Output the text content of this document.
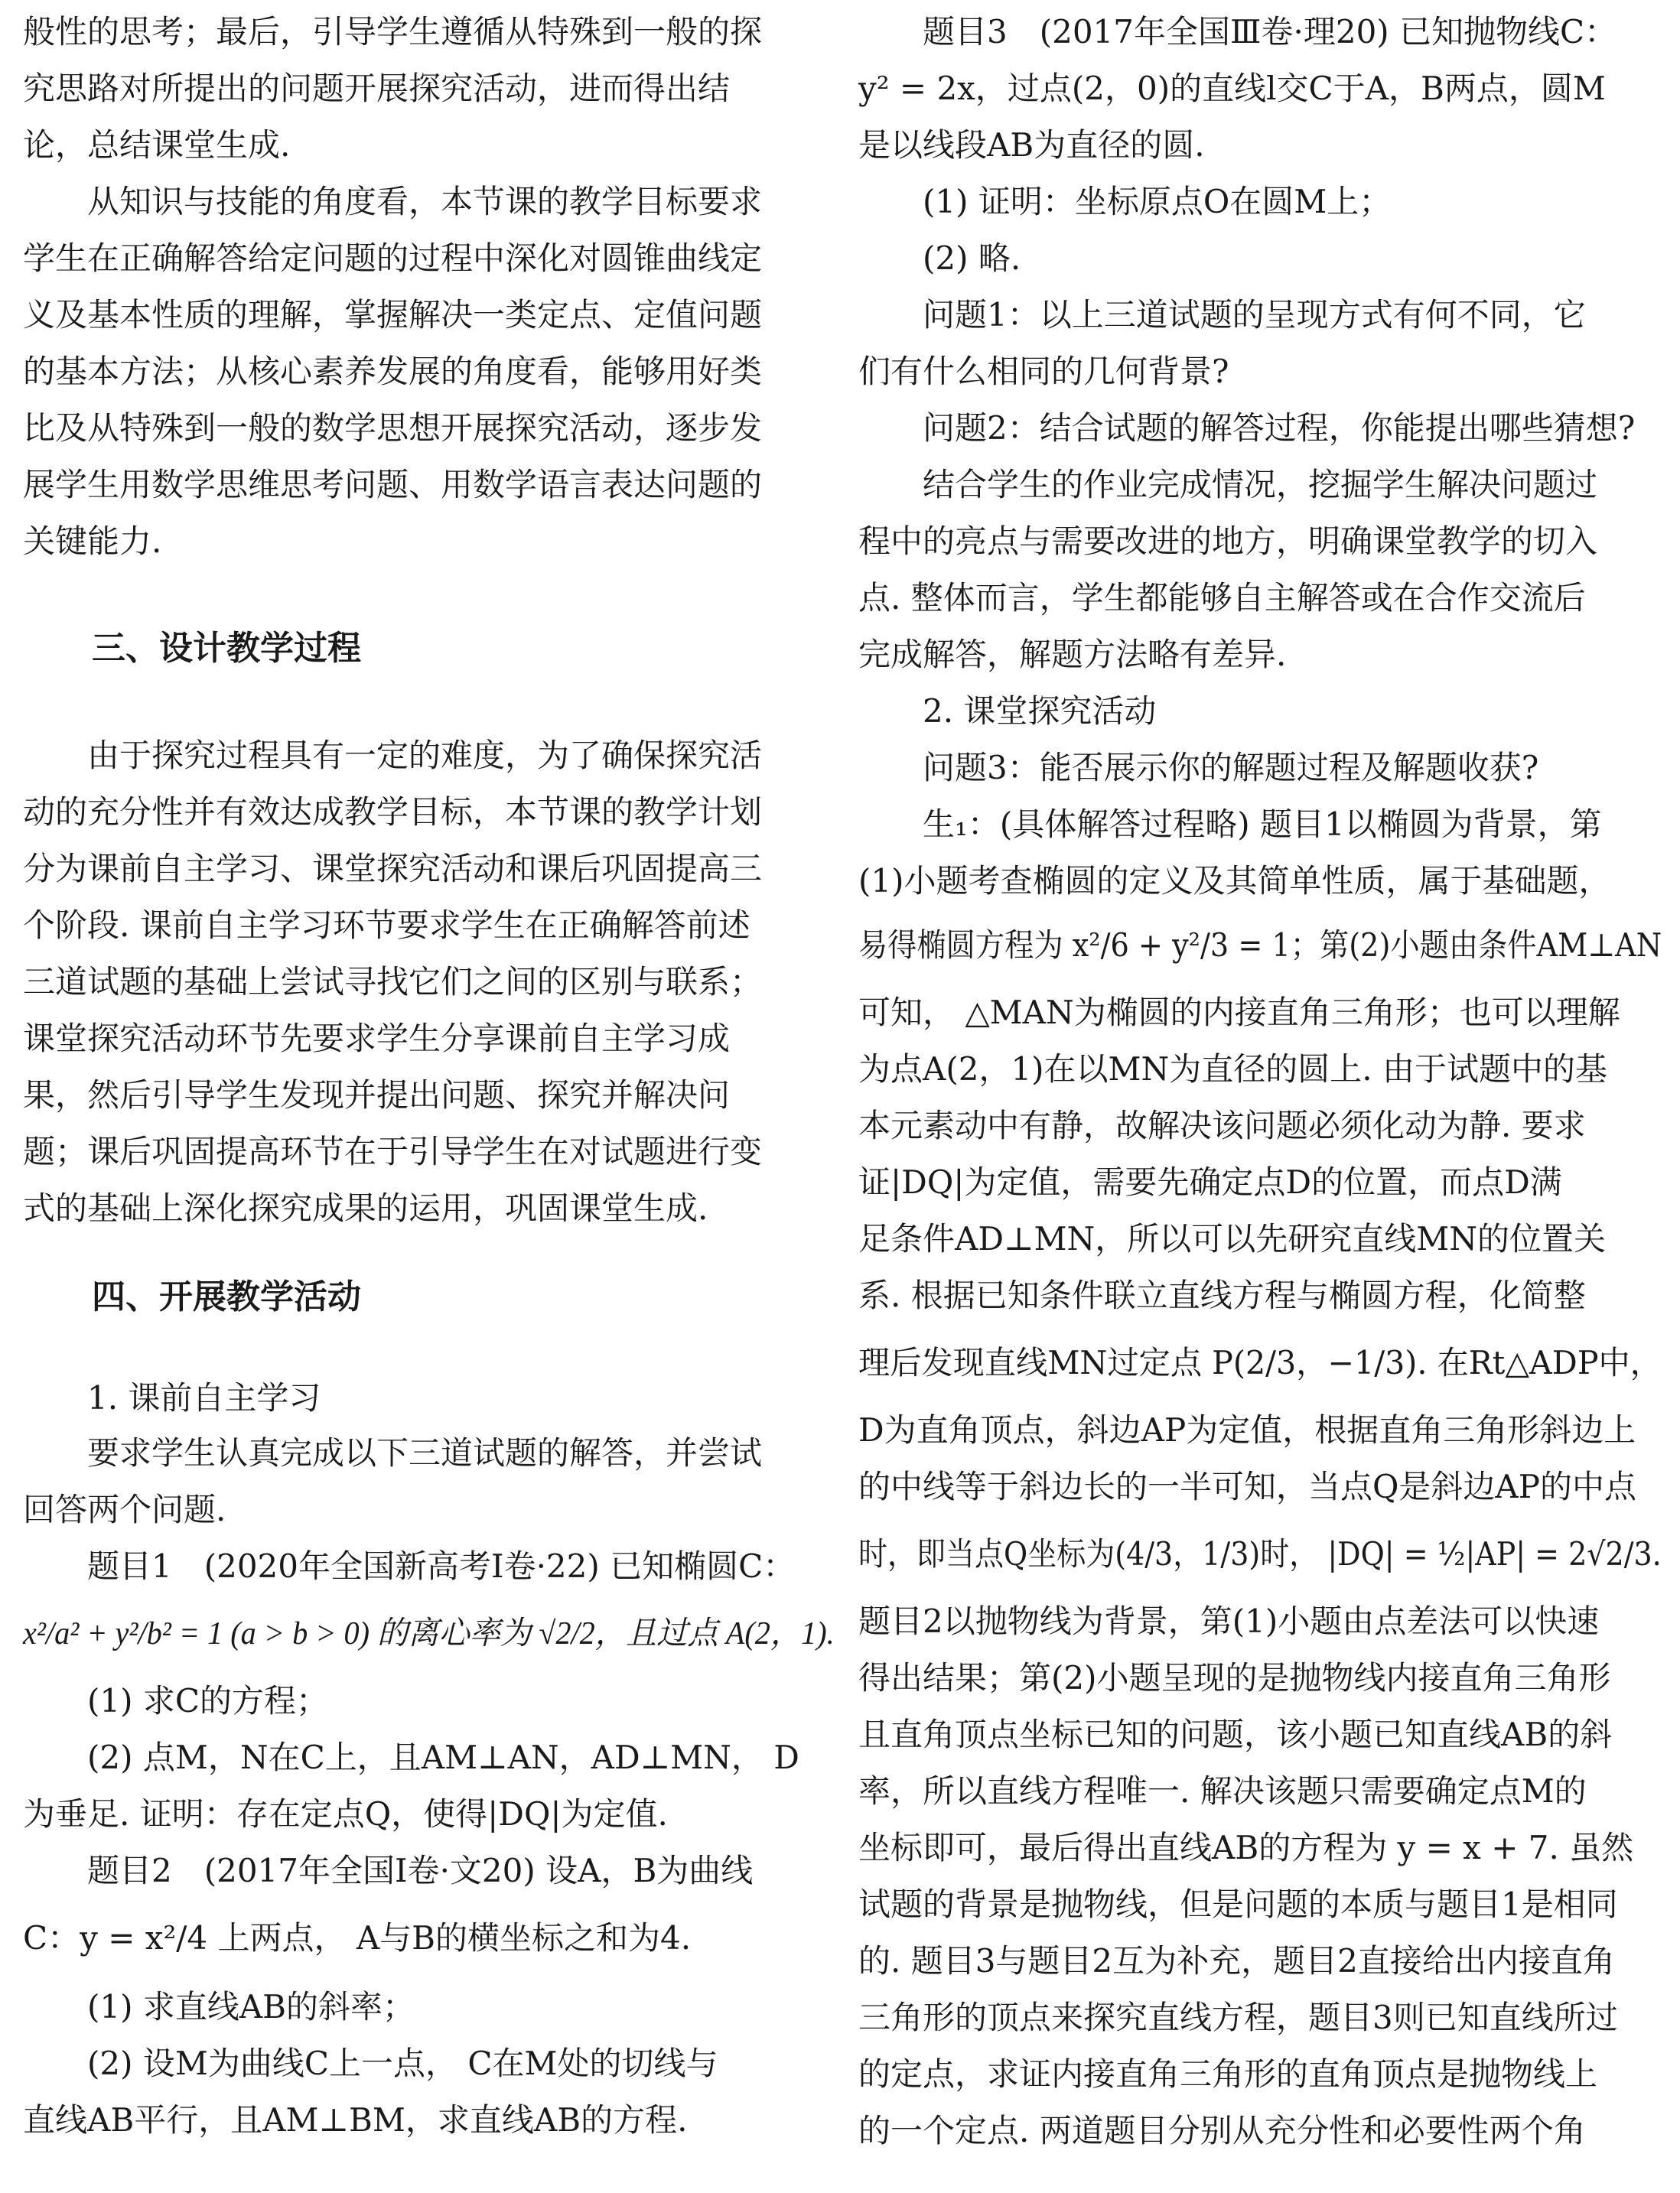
般性的思考；最后，引导学生遵循从特殊到一般的探
究思路对所提出的问题开展探究活动，进而得出结
论，总结课堂生成.
　　从知识与技能的角度看，本节课的教学目标要求
学生在正确解答给定问题的过程中深化对圆锥曲线定
义及基本性质的理解，掌握解决一类定点、定值问题
的基本方法；从核心素养发展的角度看，能够用好类
比及从特殊到一般的数学思想开展探究活动，逐步发
展学生用数学思维思考问题、用数学语言表达问题的
关键能力.
三、设计教学过程
　　由于探究过程具有一定的难度，为了确保探究活
动的充分性并有效达成教学目标，本节课的教学计划
分为课前自主学习、课堂探究活动和课后巩固提高三
个阶段. 课前自主学习环节要求学生在正确解答前述
三道试题的基础上尝试寻找它们之间的区别与联系；
课堂探究活动环节先要求学生分享课前自主学习成
果，然后引导学生发现并提出问题、探究并解决问
题；课后巩固提高环节在于引导学生在对试题进行变
式的基础上深化探究成果的运用，巩固课堂生成.
四、开展教学活动
　　1. 课前自主学习
　　要求学生认真完成以下三道试题的解答，并尝试
回答两个问题.
　　题目1　(2020年全国新高考Ⅰ卷·22) 已知椭圆C：
x²/a² + y²/b² = 1 (a > b > 0) 的离心率为 √2/2，且过点 A(2，1).
　　(1) 求C的方程；
　　(2) 点M，N在C上，且AM⊥AN，AD⊥MN， D
为垂足. 证明：存在定点Q，使得|DQ|为定值.
　　题目2　(2017年全国Ⅰ卷·文20) 设A，B为曲线
C：y = x²/4 上两点， A与B的横坐标之和为4.
　　(1) 求直线AB的斜率；
　　(2) 设M为曲线C上一点， C在M处的切线与
直线AB平行，且AM⊥BM，求直线AB的方程.
　　题目3　(2017年全国Ⅲ卷·理20) 已知抛物线C：
y² = 2x，过点(2，0)的直线l交C于A，B两点，圆M
是以线段AB为直径的圆.
　　(1) 证明：坐标原点O在圆M上；
　　(2) 略.
　　问题1：以上三道试题的呈现方式有何不同，它
们有什么相同的几何背景?
　　问题2：结合试题的解答过程，你能提出哪些猜想?
　　结合学生的作业完成情况，挖掘学生解决问题过
程中的亮点与需要改进的地方，明确课堂教学的切入
点. 整体而言，学生都能够自主解答或在合作交流后
完成解答，解题方法略有差异.
　　2. 课堂探究活动
　　问题3：能否展示你的解题过程及解题收获?
　　生₁：(具体解答过程略) 题目1以椭圆为背景，第
(1)小题考查椭圆的定义及其简单性质，属于基础题，
易得椭圆方程为 x²/6 + y²/3 = 1；第(2)小题由条件AM⊥AN
可知， △MAN为椭圆的内接直角三角形；也可以理解
为点A(2，1)在以MN为直径的圆上. 由于试题中的基
本元素动中有静，故解决该问题必须化动为静. 要求
证|DQ|为定值，需要先确定点D的位置，而点D满
足条件AD⊥MN，所以可以先研究直线MN的位置关
系. 根据已知条件联立直线方程与椭圆方程，化简整
理后发现直线MN过定点 P(2/3，−1/3). 在Rt△ADP中，
D为直角顶点，斜边AP为定值，根据直角三角形斜边上
的中线等于斜边长的一半可知，当点Q是斜边AP的中点
时，即当点Q坐标为(4/3，1/3)时， |DQ| = ½|AP| = 2√2/3.
题目2以抛物线为背景，第(1)小题由点差法可以快速
得出结果；第(2)小题呈现的是抛物线内接直角三角形
且直角顶点坐标已知的问题，该小题已知直线AB的斜
率，所以直线方程唯一. 解决该题只需要确定点M的
坐标即可，最后得出直线AB的方程为 y = x + 7. 虽然
试题的背景是抛物线，但是问题的本质与题目1是相同
的. 题目3与题目2互为补充，题目2直接给出内接直角
三角形的顶点来探究直线方程，题目3则已知直线所过
的定点，求证内接直角三角形的直角顶点是抛物线上
的一个定点. 两道题目分别从充分性和必要性两个角
